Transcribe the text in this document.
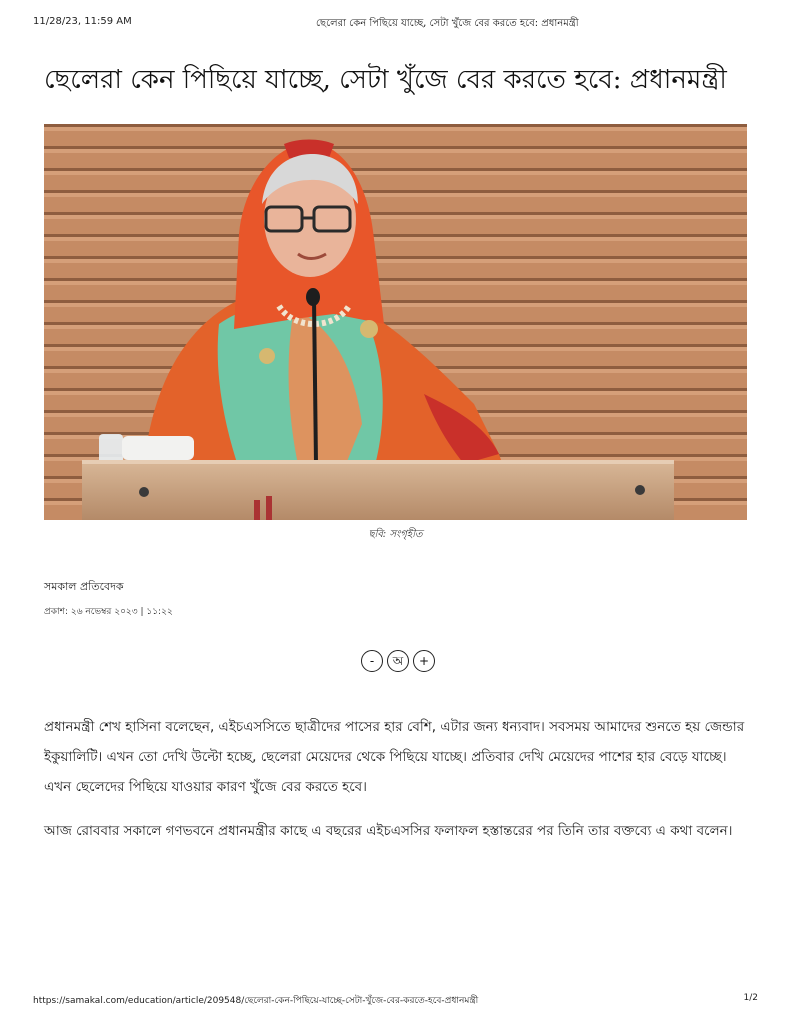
11/28/23, 11:59 AM	ছেলেরা কেন পিছিয়ে যাচ্ছে, সেটা খুঁজে বের করতে হবে: প্রধানমন্ত্রী
ছেলেরা কেন পিছিয়ে যাচ্ছে, সেটা খুঁজে বের করতে হবে: প্রধানমন্ত্রী
ছবি: সংগৃহীত
সমকাল প্রতিবেদক
প্রকাশ: ২৬ নভেম্বর ২০২৩ | ১১:২২
-	অ	+

প্রধানমন্ত্রী শেখ হাসিনা বলেছেন, এইচএসসিতে ছাত্রীদের পাসের হার বেশি, এটার জন্য ধন্যবাদ। সবসময় আমাদের শুনতে হয় জেন্ডার ইকুয়ালিটি। এখন তো দেখি উল্টো হচ্ছে, ছেলেরা মেয়েদের থেকে পিছিয়ে যাচ্ছে। প্রতিবার দেখি মেয়েদের পাশের হার বেড়ে যাচ্ছে। এখন ছেলেদের পিছিয়ে যাওয়ার কারণ খুঁজে বের করতে হবে।

আজ রোববার সকালে গণভবনে প্রধানমন্ত্রীর কাছে এ বছরের এইচএসসির ফলাফল হস্তান্তরের পর তিনি তার বক্তব্যে এ কথা বলেন।

https://samakal.com/education/article/209548/ছেলেরা-কেন-পিছিয়ে-যাচ্ছে-সেটা-খুঁজে-বের-করতে-হবে-প্রধানমন্ত্রী	1/2
